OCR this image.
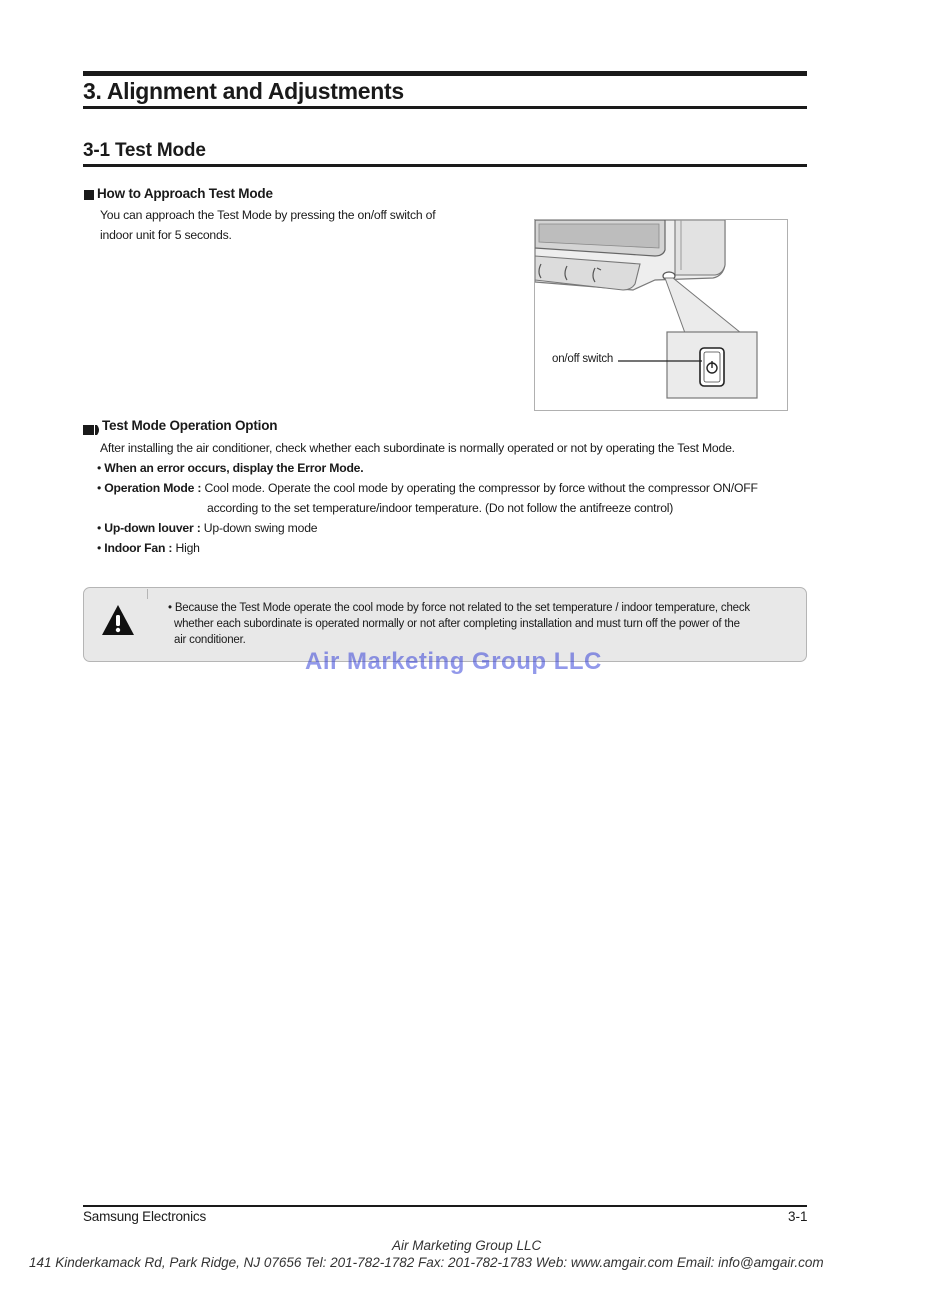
3. Alignment and Adjustments
3-1 Test Mode
How to Approach Test Mode
You can approach the Test Mode by pressing the on/off switch of
indoor unit for 5 seconds.
on/off switch
Test Mode Operation Option
After installing the air conditioner, check whether each subordinate is normally operated or not by operating the Test Mode.
• When an error occurs, display the Error Mode.
• Operation Mode : Cool mode. Operate the cool mode by operating the compressor by force without the compressor ON/OFF
according to the set temperature/indoor temperature. (Do not follow the antifreeze control)
• Up-down louver : Up-down swing mode
• Indoor Fan : High
• Because the Test Mode operate the cool mode by force not related to the set temperature / indoor temperature, check
whether each subordinate is operated normally or not after completing installation and must turn off the power of the
air conditioner.
Air Marketing Group LLC
Samsung Electronics	3-1
Air Marketing Group LLC
141 Kinderkamack Rd, Park Ridge, NJ 07656 Tel: 201-782-1782 Fax: 201-782-1783 Web: www.amgair.com Email: info@amgair.com
